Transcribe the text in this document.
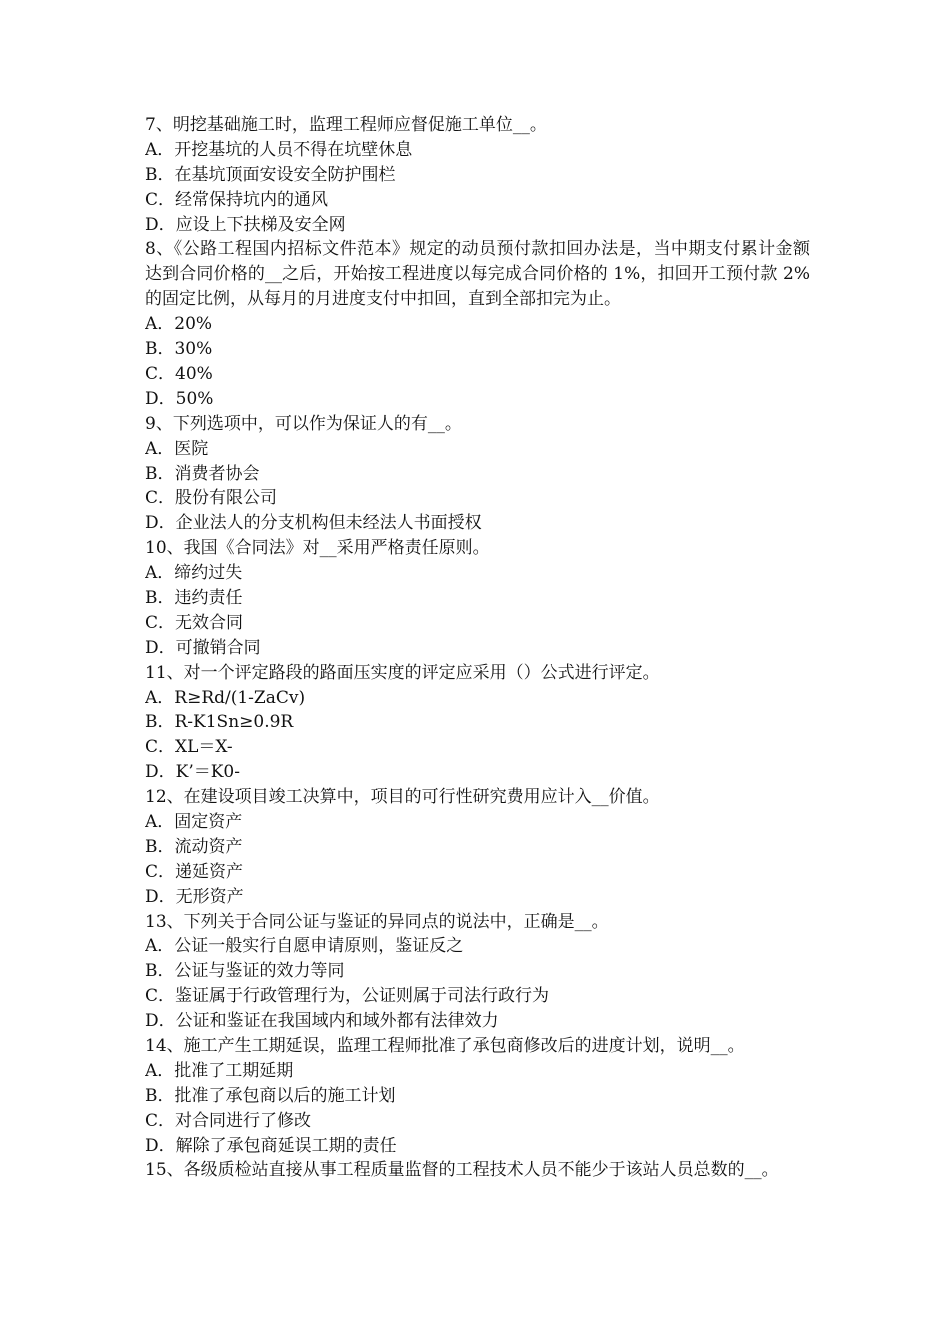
7、明挖基础施工时，监理工程师应督促施工单位__。
A．开挖基坑的人员不得在坑壁休息
B．在基坑顶面安设安全防护围栏
C．经常保持坑内的通风
D．应设上下扶梯及安全网
8、《公路工程国内招标文件范本》规定的动员预付款扣回办法是，当中期支付累计金额达到合同价格的__之后，开始按工程进度以每完成合同价格的 1%，扣回开工预付款 2%的固定比例，从每月的月进度支付中扣回，直到全部扣完为止。
A．20%
B．30%
C．40%
D．50%
9、下列选项中，可以作为保证人的有__。
A．医院
B．消费者协会
C．股份有限公司
D．企业法人的分支机构但未经法人书面授权
10、我国《合同法》对__采用严格责任原则。
A．缔约过失
B．违约责任
C．无效合同
D．可撤销合同
11、对一个评定路段的路面压实度的评定应采用（）公式进行评定。
A．R≥Rd/(1-ZaCv)
B．R-K1Sn≥0.9R
C．XL＝X-
D．K’＝K0-
12、在建设项目竣工决算中，项目的可行性研究费用应计入__价值。
A．固定资产
B．流动资产
C．递延资产
D．无形资产
13、下列关于合同公证与鉴证的异同点的说法中，正确是__。
A．公证一般实行自愿申请原则，鉴证反之
B．公证与鉴证的效力等同
C．鉴证属于行政管理行为，公证则属于司法行政行为
D．公证和鉴证在我国域内和域外都有法律效力
14、施工产生工期延误，监理工程师批准了承包商修改后的进度计划，说明__。
A．批准了工期延期
B．批准了承包商以后的施工计划
C．对合同进行了修改
D．解除了承包商延误工期的责任
15、各级质检站直接从事工程质量监督的工程技术人员不能少于该站人员总数的__。
